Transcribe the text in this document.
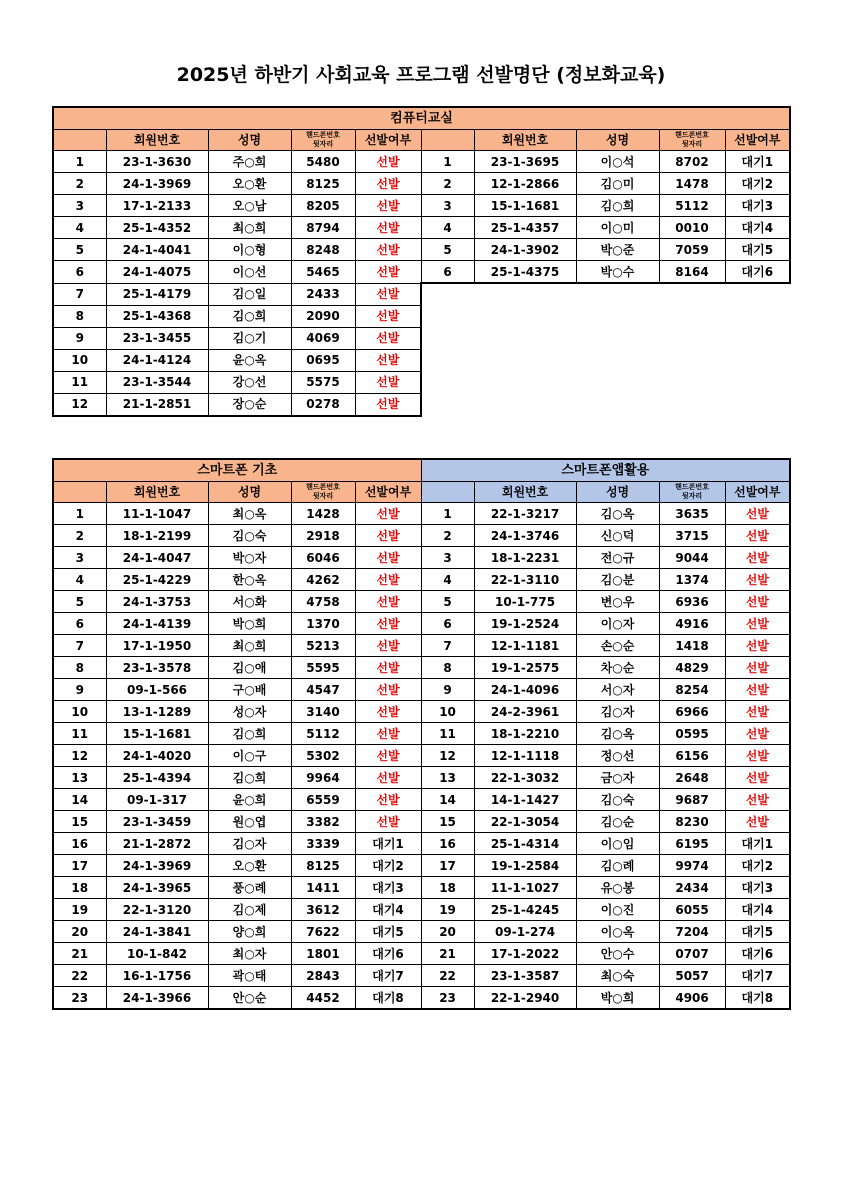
2025년 하반기 사회교육 프로그램 선발명단 (정보화교육)
컴퓨터교실									
	회원번호	성명	핸드폰번호
뒷자리	선발여부		회원번호	성명	핸드폰번호
뒷자리	선발여부
1	23-1-3630	주○희	5480	선발	1	23-1-3695	이○석	8702	대기1
2	24-1-3969	오○환	8125	선발	2	12-1-2866	김○미	1478	대기2
3	17-1-2133	오○남	8205	선발	3	15-1-1681	김○희	5112	대기3
4	25-1-4352	최○희	8794	선발	4	25-1-4357	이○미	0010	대기4
5	24-1-4041	이○형	8248	선발	5	24-1-3902	박○준	7059	대기5
6	24-1-4075	이○선	5465	선발	6	25-1-4375	박○수	8164	대기6
7	25-1-4179	김○일	2433	선발					
8	25-1-4368	김○희	2090	선발					
9	23-1-3455	김○기	4069	선발					
10	24-1-4124	윤○옥	0695	선발					
11	23-1-3544	강○선	5575	선발					
12	21-1-2851	장○순	0278	선발					
스마트폰 기초					스마트폰앱활용				
	회원번호	성명	핸드폰번호
뒷자리	선발여부		회원번호	성명	핸드폰번호
뒷자리	선발여부
1	11-1-1047	최○옥	1428	선발	1	22-1-3217	김○옥	3635	선발
2	18-1-2199	김○숙	2918	선발	2	24-1-3746	신○덕	3715	선발
3	24-1-4047	박○자	6046	선발	3	18-1-2231	전○규	9044	선발
4	25-1-4229	한○옥	4262	선발	4	22-1-3110	김○분	1374	선발
5	24-1-3753	서○화	4758	선발	5	10-1-775	변○우	6936	선발
6	24-1-4139	박○희	1370	선발	6	19-1-2524	이○자	4916	선발
7	17-1-1950	최○희	5213	선발	7	12-1-1181	손○순	1418	선발
8	23-1-3578	김○애	5595	선발	8	19-1-2575	차○순	4829	선발
9	09-1-566	구○배	4547	선발	9	24-1-4096	서○자	8254	선발
10	13-1-1289	성○자	3140	선발	10	24-2-3961	김○자	6966	선발
11	15-1-1681	김○희	5112	선발	11	18-1-2210	김○옥	0595	선발
12	24-1-4020	이○구	5302	선발	12	12-1-1118	정○선	6156	선발
13	25-1-4394	김○희	9964	선발	13	22-1-3032	금○자	2648	선발
14	09-1-317	윤○희	6559	선발	14	14-1-1427	김○숙	9687	선발
15	23-1-3459	원○엽	3382	선발	15	22-1-3054	김○순	8230	선발
16	21-1-2872	김○자	3339	대기1	16	25-1-4314	이○임	6195	대기1
17	24-1-3969	오○환	8125	대기2	17	19-1-2584	김○례	9974	대기2
18	24-1-3965	풍○례	1411	대기3	18	11-1-1027	유○봉	2434	대기3
19	22-1-3120	김○제	3612	대기4	19	25-1-4245	이○진	6055	대기4
20	24-1-3841	양○희	7622	대기5	20	09-1-274	이○옥	7204	대기5
21	10-1-842	최○자	1801	대기6	21	17-1-2022	안○수	0707	대기6
22	16-1-1756	곽○태	2843	대기7	22	23-1-3587	최○숙	5057	대기7
23	24-1-3966	안○순	4452	대기8	23	22-1-2940	박○희	4906	대기8
